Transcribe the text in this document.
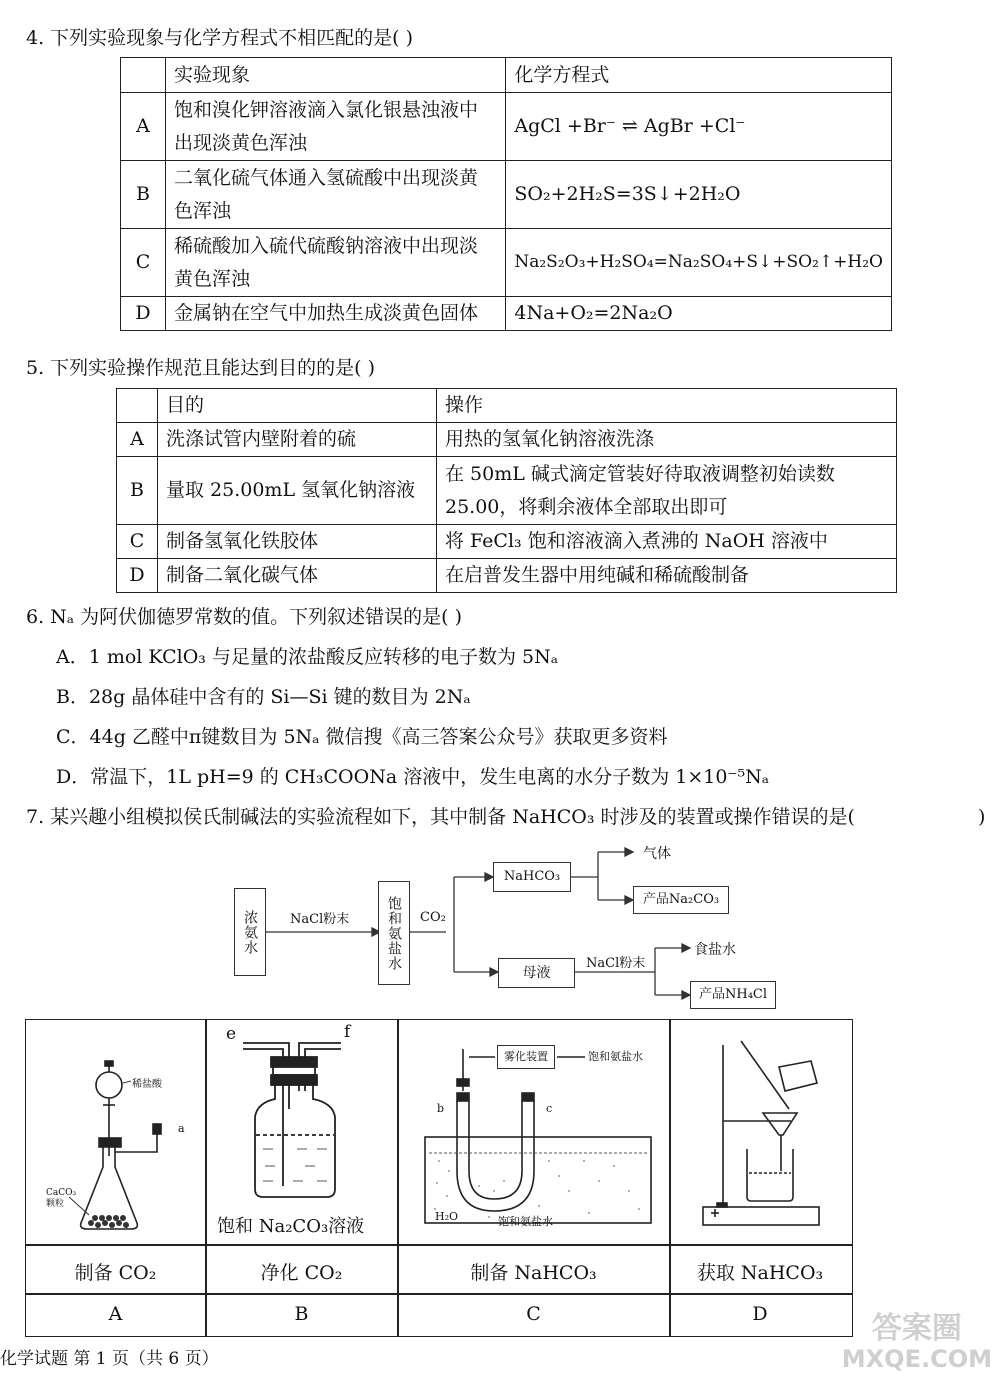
4. 下列实验现象与化学方程式不相匹配的是( )
	实验现象	化学方程式
A	饱和溴化钾溶液滴入氯化银悬浊液中
出现淡黄色浑浊	AgCl +Br⁻ ⇌ AgBr +Cl⁻
B	二氧化硫气体通入氢硫酸中出现淡黄
色浑浊	SO₂+2H₂S=3S↓+2H₂O
C	稀硫酸加入硫代硫酸钠溶液中出现淡
黄色浑浊	Na₂S₂O₃+H₂SO₄=Na₂SO₄+S↓+SO₂↑+H₂O
D	金属钠在空气中加热生成淡黄色固体	4Na+O₂=2Na₂O
5. 下列实验操作规范且能达到目的的是( )
	目的	操作
A	洗涤试管内壁附着的硫	用热的氢氧化钠溶液洗涤
B	量取 25.00mL 氢氧化钠溶液	在 50mL 碱式滴定管装好待取液调整初始读数
25.00，将剩余液体全部取出即可

C	制备氢氧化铁胶体	将 FeCl₃ 饱和溶液滴入煮沸的 NaOH 溶液中
D	制备二氧化碳气体	在启普发生器中用纯碱和稀硫酸制备
6. Nₐ 为阿伏伽德罗常数的值。下列叙述错误的是( )
A．1 mol KClO₃ 与足量的浓盐酸反应转移的电子数为 5Nₐ
B．28g 晶体硅中含有的 Si—Si 键的数目为 2Nₐ
C．44g 乙醛中π键数目为 5Nₐ 微信搜《高三答案公众号》获取更多资料
D．常温下，1L pH=9 的 CH₃COONa 溶液中，发生电离的水分子数为 1×10⁻⁵Nₐ
7. 某兴趣小组模拟侯氏制碱法的实验流程如下，其中制备 NaHCO₃ 时涉及的装置或操作错误的是(	)
浓氨水	NaCl粉末	饱和氨盐水	CO₂
NaHCO₃
气体
产品Na₂CO₃
母液
NaCl粉末
食盐水
产品NH₄Cl
稀盐酸
a
CaCO₃颗粒
e	f
饱和 Na₂CO₃溶液
雾化装置	饱和氨盐水
b	c
H₂O	饱和氨盐水
制备 CO₂	净化 CO₂	制备 NaHCO₃	获取 NaHCO₃
A	B	C	D
化学试题 第 1 页（共 6 页）
答案圈
MXQE.COM
